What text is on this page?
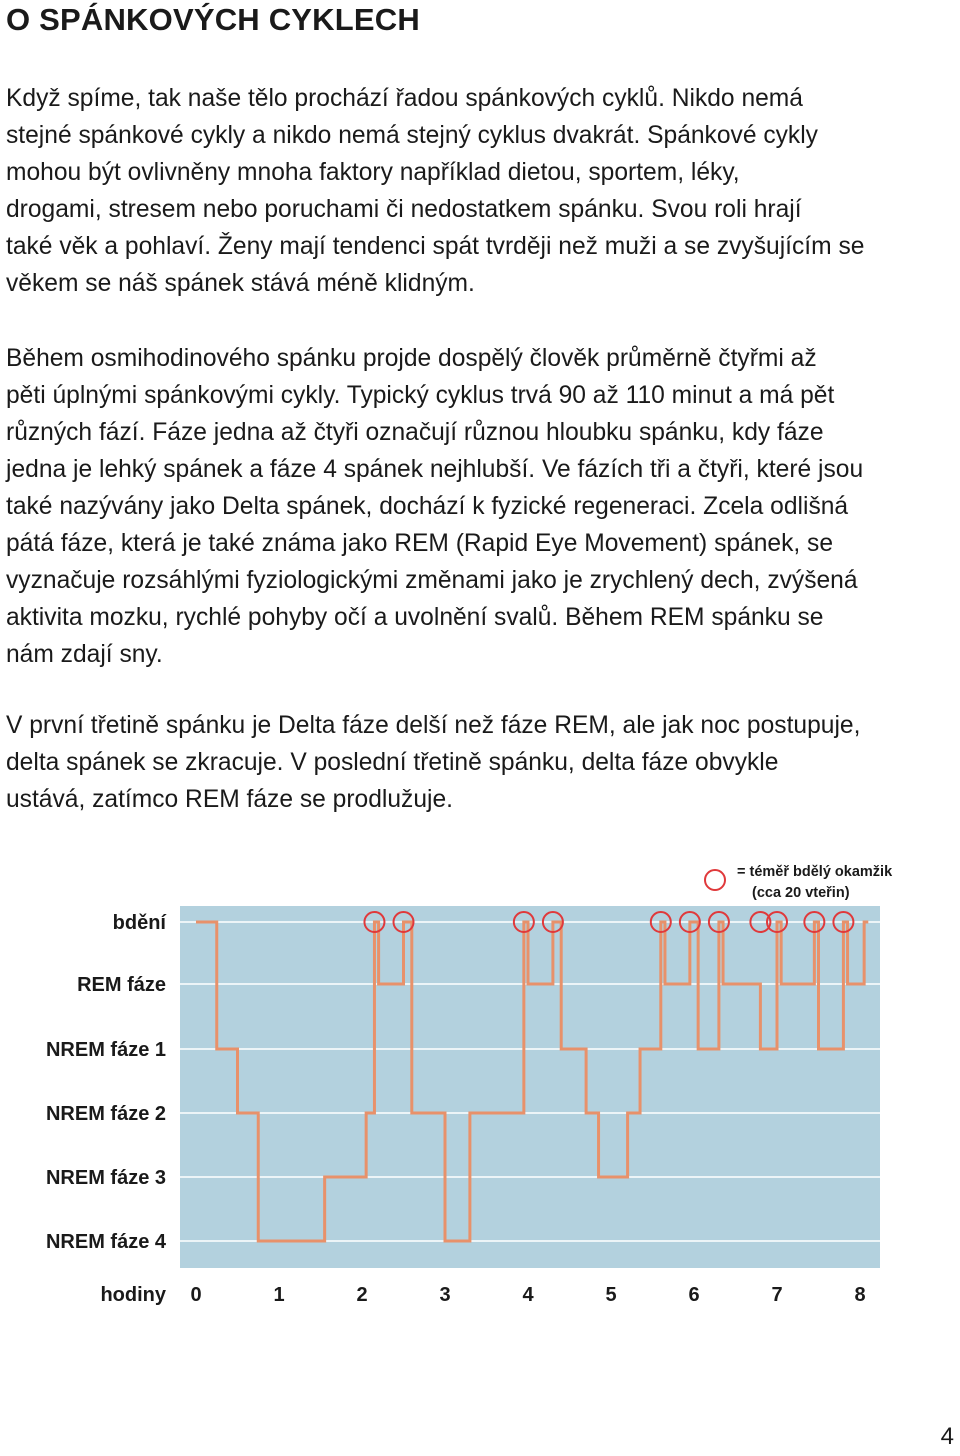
O SPÁNKOVÝCH CYKLECH
Když spíme, tak naše tělo prochází řadou spánkových cyklů. Nikdo nemá
stejné spánkové cykly a nikdo nemá stejný cyklus dvakrát. Spánkové cykly
mohou být ovlivněny mnoha faktory například dietou, sportem, léky,
drogami, stresem nebo poruchami či nedostatkem spánku. Svou roli hrají
také věk a pohlaví. Ženy mají tendenci spát tvrději než muži a se zvyšujícím se
věkem se náš spánek stává méně klidným.
Během osmihodinového spánku projde dospělý člověk průměrně čtyřmi až
pěti úplnými spánkovými cykly. Typický cyklus trvá 90 až 110 minut a má pět
různých fází. Fáze jedna až čtyři označují různou hloubku spánku, kdy fáze
jedna je lehký spánek a fáze 4 spánek nejhlubší. Ve fázích tři a čtyři, které jsou
také nazývány jako Delta spánek, dochází k fyzické regeneraci. Zcela odlišná
pátá fáze, která je také známa jako REM (Rapid Eye Movement) spánek, se
vyznačuje rozsáhlými fyziologickými změnami jako je zrychlený dech, zvýšená
aktivita mozku, rychlé pohyby očí a uvolnění svalů. Během REM spánku se
nám zdají sny.
V první třetině spánku je Delta fáze delší než fáze REM, ale jak noc postupuje,
delta spánek se zkracuje. V poslední třetině spánku, delta fáze obvykle
ustává, zatímco REM fáze se prodlužuje.
bdění
REM fáze
NREM fáze 1
NREM fáze 2
NREM fáze 3
NREM fáze 4
0	1	2	3	4	5	6	7	8
hodiny
= téměř bdělý okamžik
(cca 20 vteřin)

4
